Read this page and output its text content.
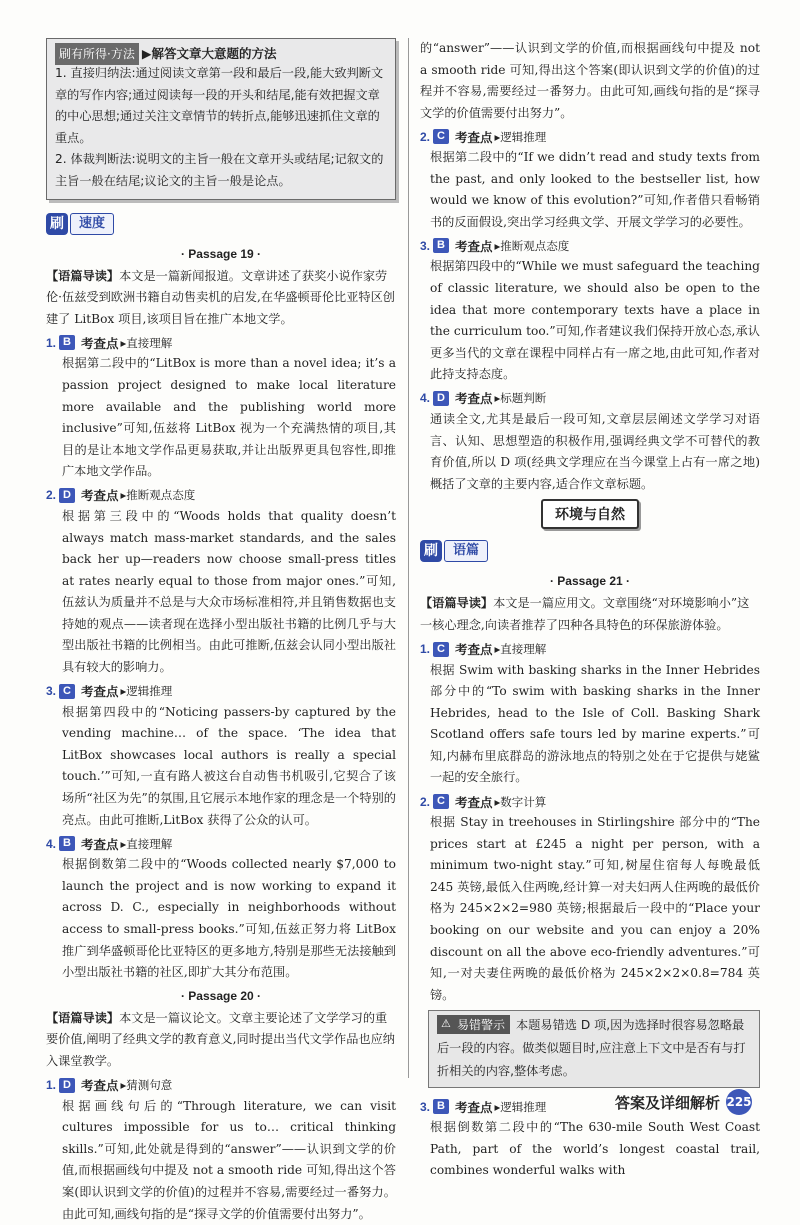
刷有所得·方法 ▶解答文章大意题的方法

1. 直接归纳法:通过阅读文章第一段和最后一段,能大致判断文章的写作内容;通过阅读每一段的开头和结尾,能有效把握文章的中心思想;通过关注文章情节的转折点,能够迅速抓住文章的重点。

2. 体裁判断法:说明文的主旨一般在文章开头或结尾;记叙文的主旨一般在结尾;议论文的主旨一般是论点。

刷	速度
· Passage 19 ·

【语篇导读】本文是一篇新闻报道。文章讲述了获奖小说作家劳伦·伍兹受到欧洲书籍自动售卖机的启发,在华盛顿哥伦比亚特区创建了 LitBox 项目,该项目旨在推广本地文学。

1. B 考查点 ▸直接理解

根据第二段中的“LitBox is more than a novel idea; it’s a passion project designed to make local literature more available and the publishing world more inclusive”可知,伍兹将 LitBox 视为一个充满热情的项目,其目的是让本地文学作品更易获取,并让出版界更具包容性,即推广本地文学作品。

2. D 考查点 ▸推断观点态度

根据第三段中的“Woods holds that quality doesn’t always match mass-market standards, and the sales back her up—readers now choose small-press titles at rates nearly equal to those from major ones.”可知,伍兹认为质量并不总是与大众市场标准相符,并且销售数据也支持她的观点——读者现在选择小型出版社书籍的比例几乎与大型出版社书籍的比例相当。由此可推断,伍兹会认同小型出版社具有较大的影响力。

3. C 考查点 ▸逻辑推理

根据第四段中的“Noticing passers-by captured by the vending machine… of the space. ‘The idea that LitBox showcases local authors is really a special touch.’”可知,一直有路人被这台自动售书机吸引,它契合了该场所“社区为先”的氛围,且它展示本地作家的理念是一个特别的亮点。由此可推断,LitBox 获得了公众的认可。

4. B 考查点 ▸直接理解

根据倒数第二段中的“Woods collected nearly $7,000 to launch the project and is now working to expand it across D. C., especially in neighborhoods without access to small-press books.”可知,伍兹正努力将 LitBox 推广到华盛顿哥伦比亚特区的更多地方,特别是那些无法接触到小型出版社书籍的社区,即扩大其分布范围。

· Passage 20 ·

【语篇导读】本文是一篇议论文。文章主要论述了文学学习的重要价值,阐明了经典文学的教育意义,同时提出当代文学作品也应纳入课堂教学。

1. D 考查点 ▸猜测句意

根据画线句后的“Through literature, we can visit cultures impossible for us to… critical thinking skills.”可知,此处就是得到的“answer”——认识到文学的价值,而根据画线句中提及 not a smooth ride 可知,得出这个答案(即认识到文学的价值)的过程并不容易,需要经过一番努力。由此可知,画线句指的是“探寻文学的价值需要付出努力”。

的“answer”——认识到文学的价值,而根据画线句中提及 not a smooth ride 可知,得出这个答案(即认识到文学的价值)的过程并不容易,需要经过一番努力。由此可知,画线句指的是“探寻文学的价值需要付出努力”。

2. C 考查点 ▸逻辑推理

根据第二段中的“If we didn’t read and study texts from the past, and only looked to the bestseller list, how would we know of this evolution?”可知,作者借只看畅销书的反面假设,突出学习经典文学、开展文学学习的必要性。

3. B 考查点 ▸推断观点态度

根据第四段中的“While we must safeguard the teaching of classic literature, we should also be open to the idea that more contemporary texts have a place in the curriculum too.”可知,作者建议我们保持开放心态,承认更多当代的文章在课程中同样占有一席之地,由此可知,作者对此持支持态度。

4. D 考查点 ▸标题判断

通读全文,尤其是最后一段可知,文章层层阐述文学学习对语言、认知、思想塑造的积极作用,强调经典文学不可替代的教育价值,所以 D 项(经典文学理应在当今课堂上占有一席之地)概括了文章的主要内容,适合作文章标题。

环境与自然
刷	语篇
· Passage 21 ·

【语篇导读】本文是一篇应用文。文章围绕“对环境影响小”这一核心理念,向读者推荐了四种各具特色的环保旅游体验。

1. C 考查点 ▸直接理解

根据 Swim with basking sharks in the Inner Hebrides 部分中的“To swim with basking sharks in the Inner Hebrides, head to the Isle of Coll. Basking Shark Scotland offers safe tours led by marine experts.”可知,内赫布里底群岛的游泳地点的特别之处在于它提供与姥鲨一起的安全旅行。

2. C 考查点 ▸数字计算

根据 Stay in treehouses in Stirlingshire 部分中的“The prices start at £245 a night per person, with a minimum two-night stay.”可知,树屋住宿每人每晚最低 245 英镑,最低入住两晚,经计算一对夫妇两人住两晚的最低价格为 245×2×2=980 英镑;根据最后一段中的“Place your booking on our website and you can enjoy a 20% discount on all the above eco-friendly adventures.”可知,一对夫妻住两晚的最低价格为 245×2×2×0.8=784 英镑。

⚠ 易错警示 本题易错选 D 项,因为选择时很容易忽略最后一段的内容。做类似题目时,应注意上下文中是否有与打折相关的内容,整体考虑。

3. B 考查点 ▸逻辑推理

根据倒数第二段中的“The 630-mile South West Coast Path, part of the world’s longest coastal trail, combines wonderful walks with

答案及详细解析 225
